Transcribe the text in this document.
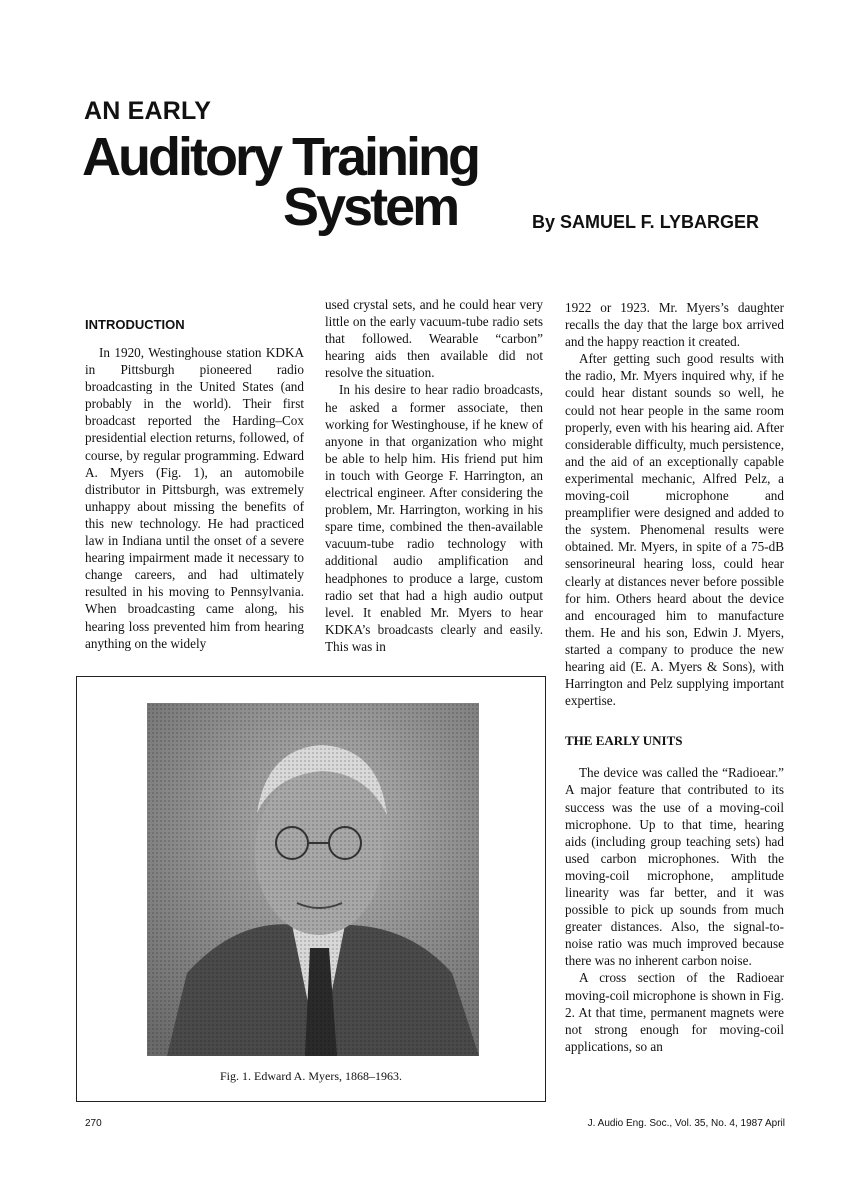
AN EARLY
Auditory Training
System	By SAMUEL F. LYBARGER
INTRODUCTION

In 1920, Westinghouse station KDKA in Pittsburgh pioneered radio broadcasting in the United States (and probably in the world). Their first broadcast reported the Harding–Cox presidential election returns, followed, of course, by regular programming. Edward A. Myers (Fig. 1), an automobile distributor in Pittsburgh, was extremely unhappy about missing the benefits of this new technology. He had practiced law in Indiana until the onset of a severe hearing impairment made it necessary to change careers, and had ultimately resulted in his moving to Pennsylvania. When broadcasting came along, his hearing loss prevented him from hearing anything on the widely

used crystal sets, and he could hear very little on the early vacuum-tube radio sets that followed. Wearable “carbon” hearing aids then available did not resolve the situation.

In his desire to hear radio broadcasts, he asked a former associate, then working for Westinghouse, if he knew of anyone in that organization who might be able to help him. His friend put him in touch with George F. Harrington, an electrical engineer. After considering the problem, Mr. Harrington, working in his spare time, combined the then-available vacuum-tube radio technology with additional audio amplification and headphones to produce a large, custom radio set that had a high audio output level. It enabled Mr. Myers to hear KDKA’s broadcasts clearly and easily. This was in

1922 or 1923. Mr. Myers’s daughter recalls the day that the large box arrived and the happy reaction it created.

After getting such good results with the radio, Mr. Myers inquired why, if he could hear distant sounds so well, he could not hear people in the same room properly, even with his hearing aid. After considerable difficulty, much persistence, and the aid of an exceptionally capable experimental mechanic, Alfred Pelz, a moving-coil microphone and preamplifier were designed and added to the system. Phenomenal results were obtained. Mr. Myers, in spite of a 75-dB sensorineural hearing loss, could hear clearly at distances never before possible for him. Others heard about the device and encouraged him to manufacture them. He and his son, Edwin J. Myers, started a company to produce the new hearing aid (E. A. Myers & Sons), with Harrington and Pelz supplying important expertise.

THE EARLY UNITS

The device was called the “Radioear.” A major feature that contributed to its success was the use of a moving-coil microphone. Up to that time, hearing aids (including group teaching sets) had used carbon microphones. With the moving-coil microphone, amplitude linearity was far better, and it was possible to pick up sounds from much greater distances. Also, the signal-to-noise ratio was much improved because there was no inherent carbon noise.

A cross section of the Radioear moving-coil microphone is shown in Fig. 2. At that time, permanent magnets were not strong enough for moving-coil applications, so an

Fig. 1. Edward A. Myers, 1868–1963.
270	J. Audio Eng. Soc., Vol. 35, No. 4, 1987 April
